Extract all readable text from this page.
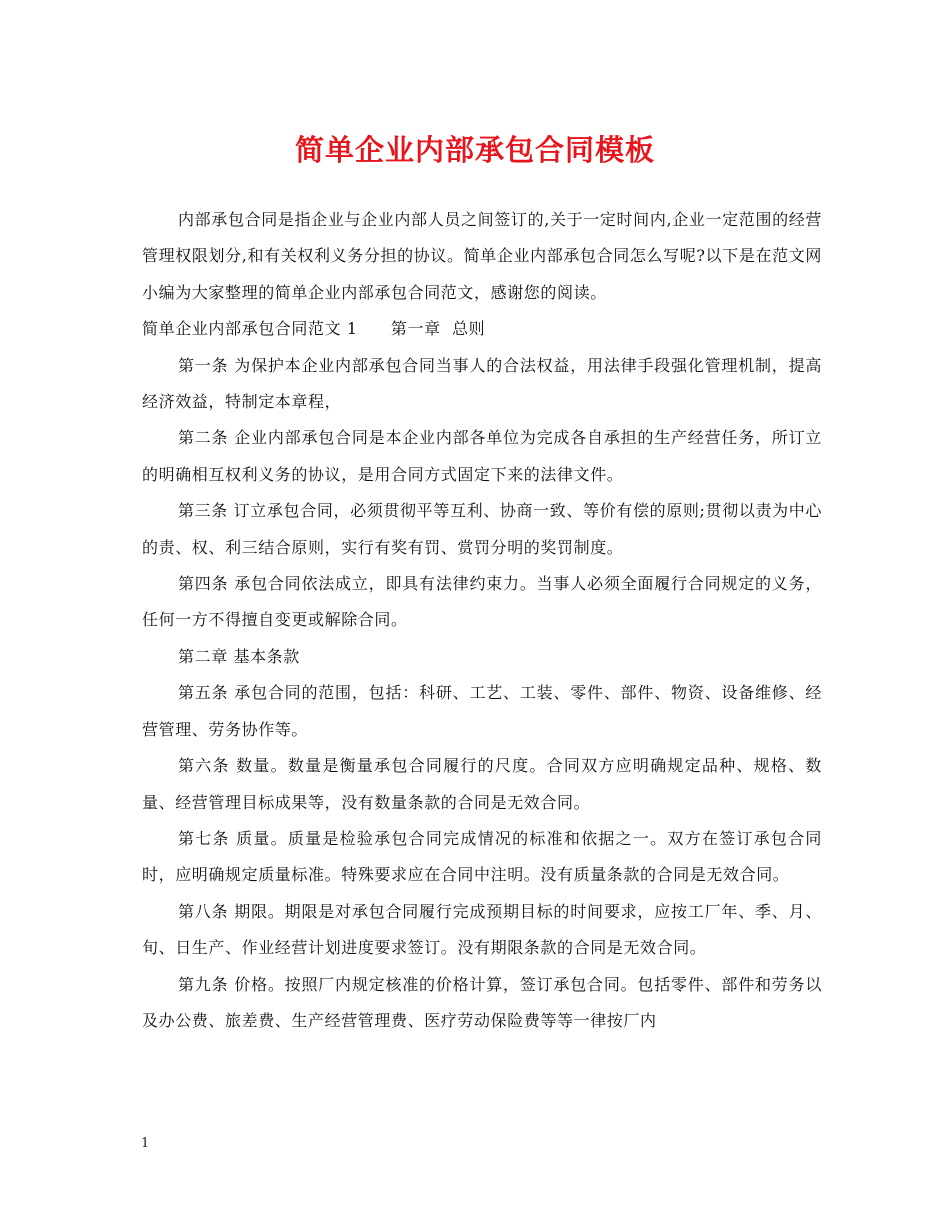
简单企业内部承包合同模板

内部承包合同是指企业与企业内部人员之间签订的,关于一定时间内,企业一定范围的经营管理权限划分,和有关权利义务分担的协议。简单企业内部承包合同怎么写呢?以下是在范文网小编为大家整理的简单企业内部承包合同范文，感谢您的阅读。

简单企业内部承包合同范文 1　　第一章  总则

第一条 为保护本企业内部承包合同当事人的合法权益，用法律手段强化管理机制，提高经济效益，特制定本章程，

第二条 企业内部承包合同是本企业内部各单位为完成各自承担的生产经营任务，所订立的明确相互权利义务的协议，是用合同方式固定下来的法律文件。

第三条 订立承包合同，必须贯彻平等互利、协商一致、等价有偿的原则;贯彻以责为中心的责、权、利三结合原则，实行有奖有罚、赏罚分明的奖罚制度。

第四条 承包合同依法成立，即具有法律约束力。当事人必须全面履行合同规定的义务，任何一方不得擅自变更或解除合同。

第二章 基本条款

第五条 承包合同的范围，包括：科研、工艺、工装、零件、部件、物资、设备维修、经营管理、劳务协作等。

第六条 数量。数量是衡量承包合同履行的尺度。合同双方应明确规定品种、规格、数量、经营管理目标成果等，没有数量条款的合同是无效合同。

第七条 质量。质量是检验承包合同完成情况的标准和依据之一。双方在签订承包合同时，应明确规定质量标准。特殊要求应在合同中注明。没有质量条款的合同是无效合同。

第八条 期限。期限是对承包合同履行完成预期目标的时间要求，应按工厂年、季、月、旬、日生产、作业经营计划进度要求签订。没有期限条款的合同是无效合同。

第九条 价格。按照厂内规定核准的价格计算，签订承包合同。包括零件、部件和劳务以及办公费、旅差费、生产经营管理费、医疗劳动保险费等等一律按厂内

1
